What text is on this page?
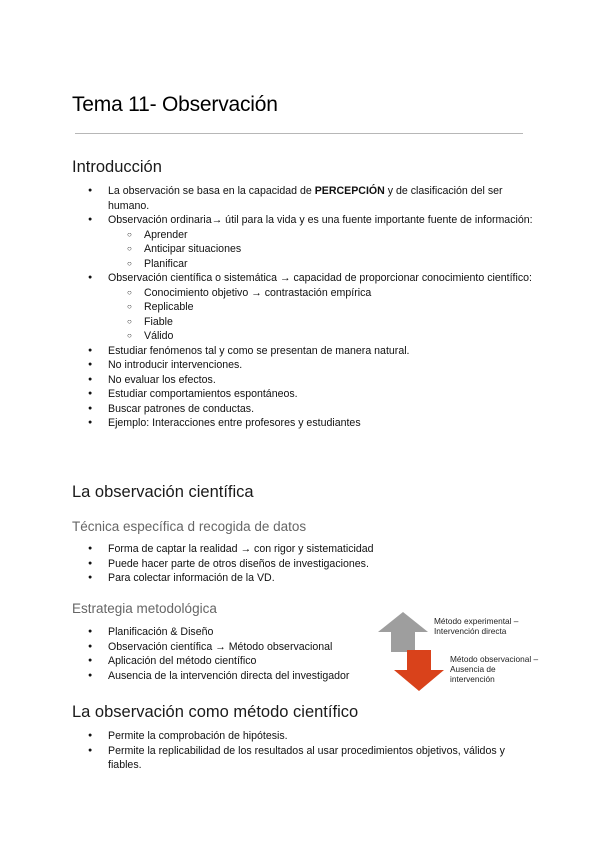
Tema 11- Observación
Introducción
● La observación se basa en la capacidad de PERCEPCIÓN y de clasificación del ser humano.
● Observación ordinaria→ útil para la vida y es una fuente importante fuente de información:
○ Aprender
○ Anticipar situaciones
○ Planificar
● Observación científica o sistemática → capacidad de proporcionar conocimiento científico:
○ Conocimiento objetivo → contrastación empírica
○ Replicable
○ Fiable
○ Válido
● Estudiar fenómenos tal y como se presentan de manera natural.
● No introducir intervenciones.
● No evaluar los efectos.
● Estudiar comportamientos espontáneos.
● Buscar patrones de conductas.
● Ejemplo: Interacciones entre profesores y estudiantes
La observación científica
Técnica específica d recogida de datos
● Forma de captar la realidad → con rigor y sistematicidad
● Puede hacer parte de otros diseños de investigaciones.
● Para colectar información de la VD.
Estrategia metodológica
● Planificación & Diseño
● Observación científica → Método observacional
● Aplicación del método científico
● Ausencia de la intervención directa del investigador
Método experimental –
Intervención directa
Método observacional –
Ausencia de
intervención
La observación como método científico
● Permite la comprobación de hipótesis.
● Permite la replicabilidad de los resultados al usar procedimientos objetivos, válidos y fiables.
